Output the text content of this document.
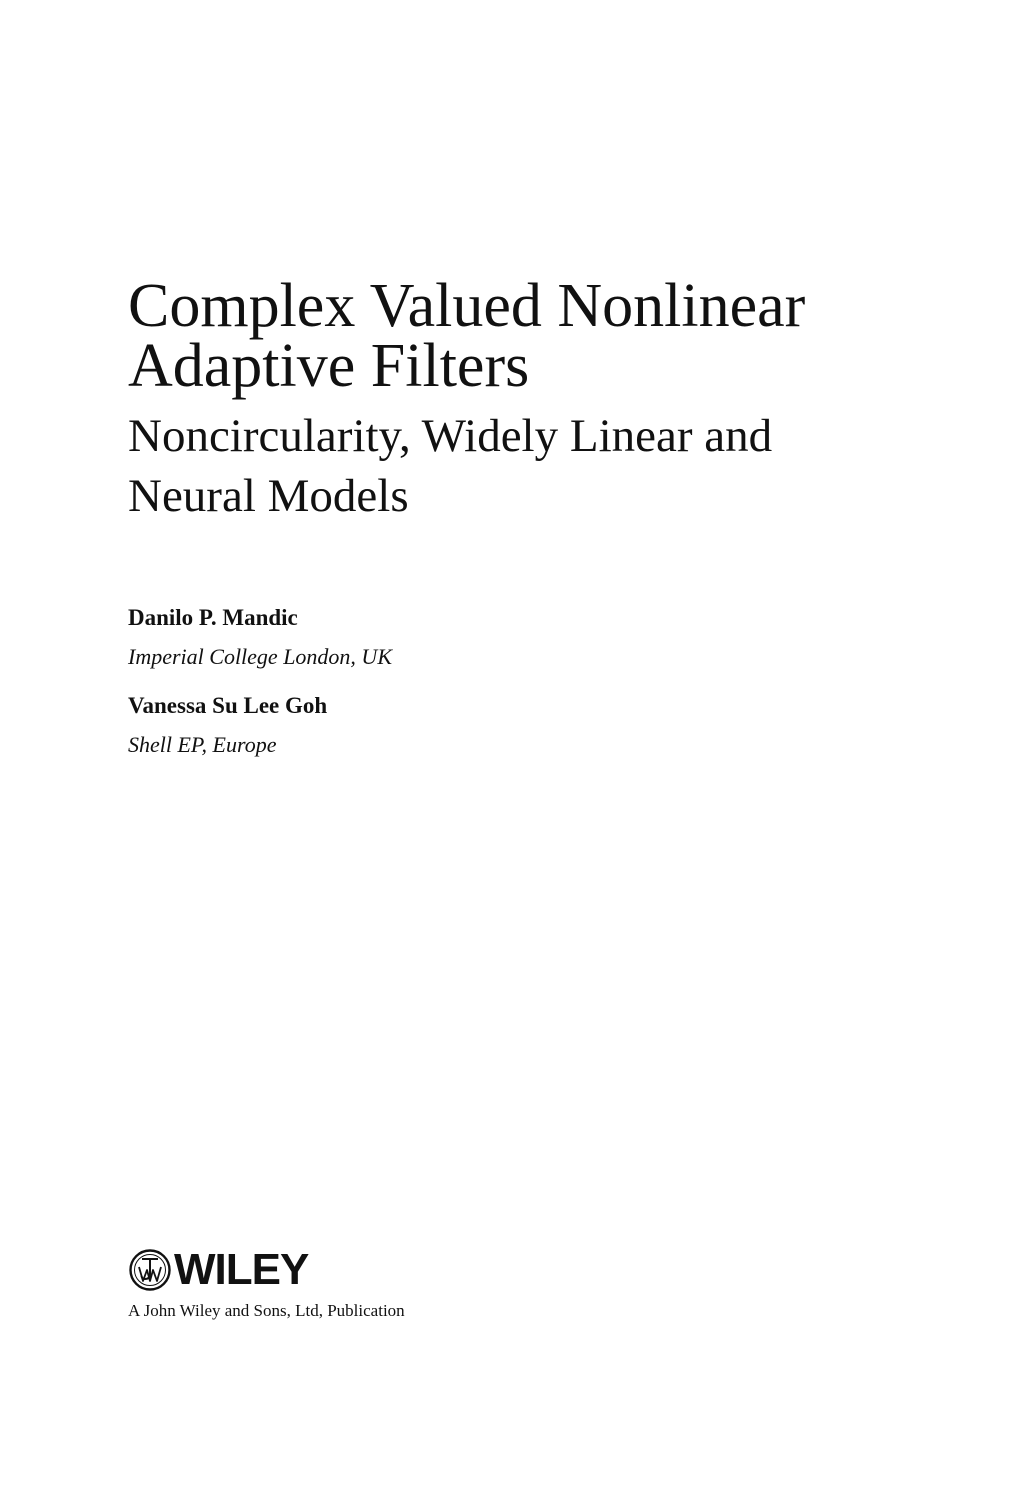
Complex Valued Nonlinear
Adaptive Filters
Noncircularity, Widely Linear and
Neural Models

Danilo P. Mandic

Imperial College London, UK

Vanessa Su Lee Goh

Shell EP, Europe

WILEY
A John Wiley and Sons, Ltd, Publication
